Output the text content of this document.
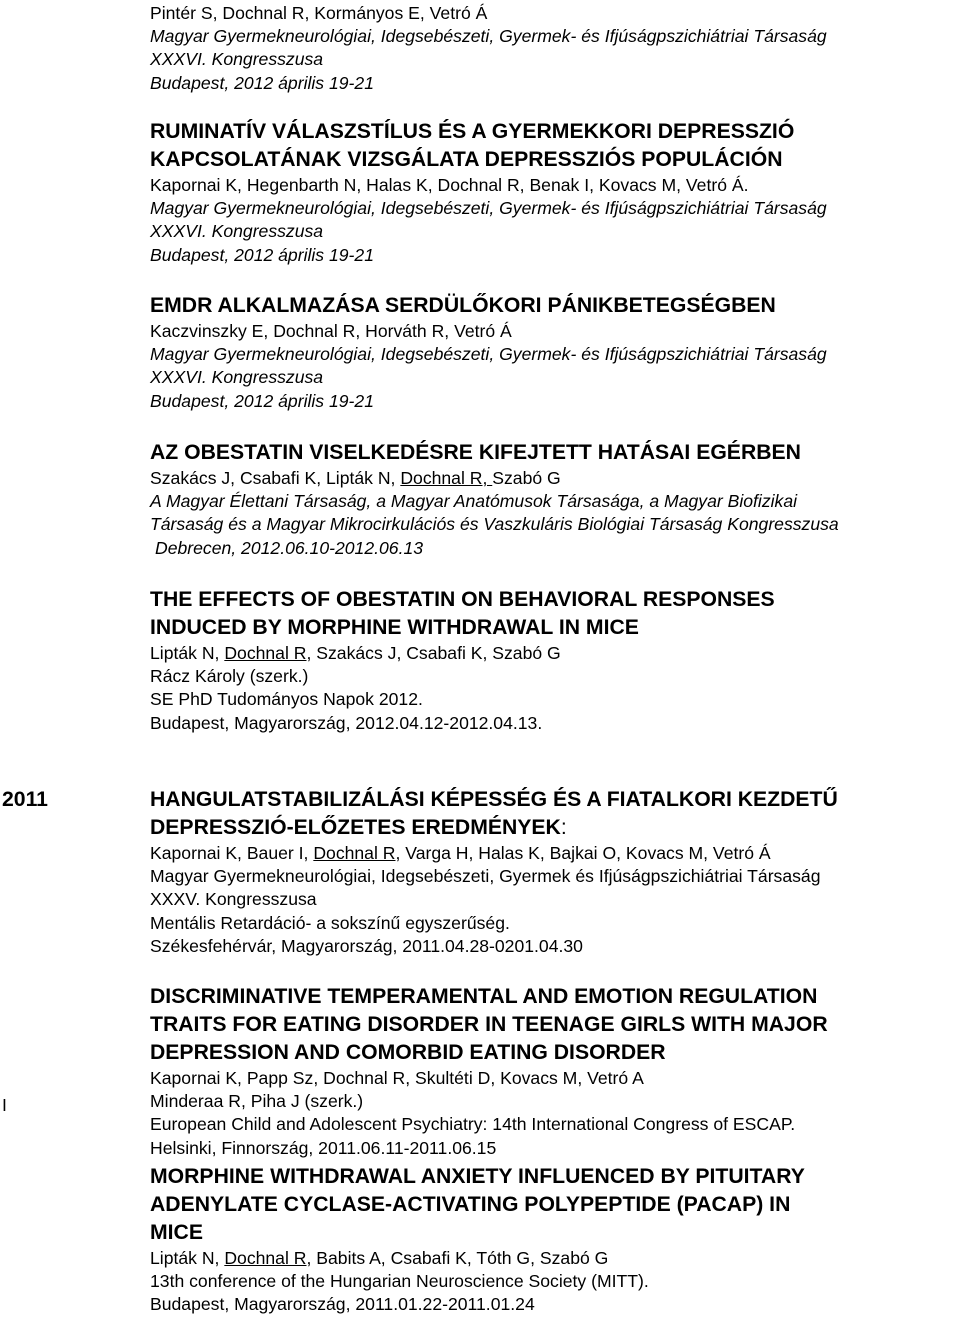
Pintér S, Dochnal R, Kormányos E, Vetró Á
Magyar Gyermekneurológiai, Idegsebészeti, Gyermek- és Ifjúságpszichiátriai Társaság
XXXVI. Kongresszusa
Budapest, 2012 április 19-21
RUMINATÍV VÁLASZSTÍLUS ÉS A GYERMEKKORI DEPRESSZIÓ
KAPCSOLATÁNAK VIZSGÁLATA DEPRESSZIÓS POPULÁCIÓN
Kapornai K, Hegenbarth N, Halas K, Dochnal R, Benak I, Kovacs M, Vetró Á.
Magyar Gyermekneurológiai, Idegsebészeti, Gyermek- és Ifjúságpszichiátriai Társaság
XXXVI. Kongresszusa
Budapest, 2012 április 19-21
EMDR ALKALMAZÁSA SERDÜLŐKORI PÁNIKBETEGSÉGBEN
Kaczvinszky E, Dochnal R, Horváth R, Vetró Á
Magyar Gyermekneurológiai, Idegsebészeti, Gyermek- és Ifjúságpszichiátriai Társaság
XXXVI. Kongresszusa
Budapest, 2012 április 19-21
AZ OBESTATIN VISELKEDÉSRE KIFEJTETT HATÁSAI EGÉRBEN
Szakács J, Csabafi K, Lipták N, Dochnal R, Szabó G
A Magyar Élettani Társaság, a Magyar Anatómusok Társasága, a Magyar Biofizikai
Társaság és a Magyar Mikrocirkulációs és Vaszkuláris Biológiai Társaság Kongresszusa
Debrecen, 2012.06.10-2012.06.13
THE EFFECTS OF OBESTATIN ON BEHAVIORAL RESPONSES
INDUCED BY MORPHINE WITHDRAWAL IN MICE
Lipták N, Dochnal R, Szakács J, Csabafi K, Szabó G
Rácz Károly (szerk.)
SE PhD Tudományos Napok 2012.
Budapest, Magyarország, 2012.04.12-2012.04.13.
2011	HANGULATSTABILIZÁLÁSI KÉPESSÉG ÉS A FIATALKORI KEZDETŰ
DEPRESSZIÓ-ELŐZETES EREDMÉNYEK:
Kapornai K, Bauer I, Dochnal R, Varga H, Halas K, Bajkai O, Kovacs M, Vetró Á
Magyar Gyermekneurológiai, Idegsebészeti, Gyermek és Ifjúságpszichiátriai Társaság
XXXV. Kongresszusa
Mentális Retardáció- a sokszínű egyszerűség.
Székesfehérvár, Magyarország, 2011.04.28-0201.04.30
DISCRIMINATIVE TEMPERAMENTAL AND EMOTION REGULATION
TRAITS FOR EATING DISORDER IN TEENAGE GIRLS WITH MAJOR
DEPRESSION AND COMORBID EATING DISORDER
Kapornai K, Papp Sz, Dochnal R, Skultéti D, Kovacs M, Vetró A
Minderaa R, Piha J (szerk.)
European Child and Adolescent Psychiatry: 14th International Congress of ESCAP.
Helsinki, Finnország, 2011.06.11-2011.06.15
I
MORPHINE WITHDRAWAL ANXIETY INFLUENCED BY PITUITARY
ADENYLATE CYCLASE-ACTIVATING POLYPEPTIDE (PACAP) IN
MICE
Lipták N, Dochnal R, Babits A, Csabafi K, Tóth G, Szabó G
13th conference of the Hungarian Neuroscience Society (MITT).
Budapest, Magyarország, 2011.01.22-2011.01.24
